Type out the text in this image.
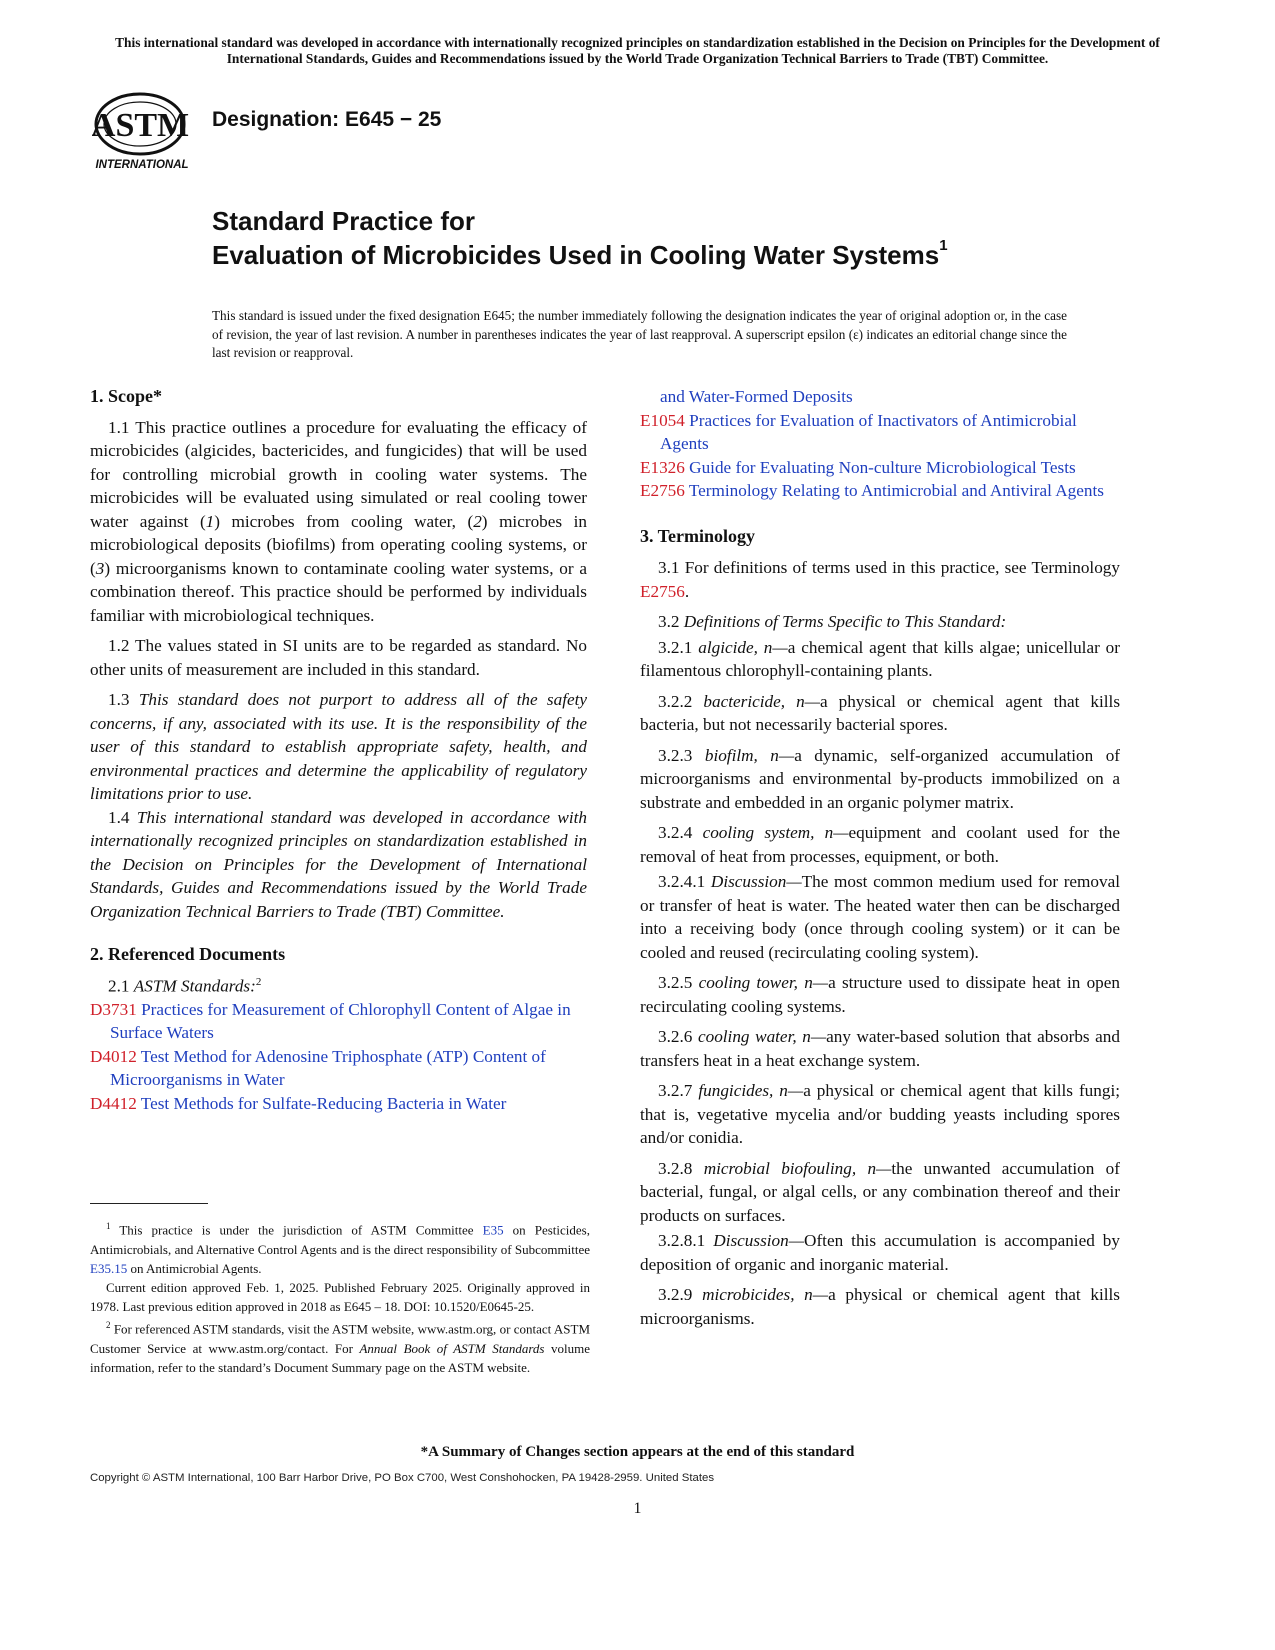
This international standard was developed in accordance with internationally recognized principles on standardization established in the Decision on Principles for the Development of International Standards, Guides and Recommendations issued by the World Trade Organization Technical Barriers to Trade (TBT) Committee.
ASTM
INTERNATIONAL
Designation: E645 − 25
Standard Practice for
Evaluation of Microbicides Used in Cooling Water Systems$^1$
This standard is issued under the fixed designation E645; the number immediately following the designation indicates the year of original adoption or, in the case of revision, the year of last revision. A number in parentheses indicates the year of last reapproval. A superscript epsilon (ε) indicates an editorial change since the last revision or reapproval.
1. Scope*

1.1 This practice outlines a procedure for evaluating the efficacy of microbicides (algicides, bactericides, and fungicides) that will be used for controlling microbial growth in cooling water systems. The microbicides will be evaluated using simulated or real cooling tower water against (1) microbes from cooling water, (2) microbes in microbiological deposits (biofilms) from operating cooling systems, or (3) microorganisms known to contaminate cooling water systems, or a combination thereof. This practice should be performed by individuals familiar with microbiological techniques.

1.2 The values stated in SI units are to be regarded as standard. No other units of measurement are included in this standard.

1.3 This standard does not purport to address all of the safety concerns, if any, associated with its use. It is the responsibility of the user of this standard to establish appropriate safety, health, and environmental practices and determine the applicability of regulatory limitations prior to use.

1.4 This international standard was developed in accordance with internationally recognized principles on standardization established in the Decision on Principles for the Development of International Standards, Guides and Recommendations issued by the World Trade Organization Technical Barriers to Trade (TBT) Committee.

2. Referenced Documents

2.1 ASTM Standards:$^2$

D3731 Practices for Measurement of Chlorophyll Content of Algae in Surface Waters

D4012 Test Method for Adenosine Triphosphate (ATP) Content of Microorganisms in Water

D4412 Test Methods for Sulfate-Reducing Bacteria in Water

$^1$ This practice is under the jurisdiction of ASTM Committee E35 on Pesticides, Antimicrobials, and Alternative Control Agents and is the direct responsibility of Subcommittee E35.15 on Antimicrobial Agents.

Current edition approved Feb. 1, 2025. Published February 2025. Originally approved in 1978. Last previous edition approved in 2018 as E645 – 18. DOI: 10.1520/E0645-25.

$^2$ For referenced ASTM standards, visit the ASTM website, www.astm.org, or contact ASTM Customer Service at www.astm.org/contact. For Annual Book of ASTM Standards volume information, refer to the standard’s Document Summary page on the ASTM website.

and Water-Formed Deposits

E1054 Practices for Evaluation of Inactivators of Antimicrobial Agents

E1326 Guide for Evaluating Non-culture Microbiological Tests

E2756 Terminology Relating to Antimicrobial and Antiviral Agents

3. Terminology

3.1 For definitions of terms used in this practice, see Terminology E2756.

3.2 Definitions of Terms Specific to This Standard:

3.2.1 algicide, n—a chemical agent that kills algae; unicellular or filamentous chlorophyll-containing plants.

3.2.2 bactericide, n—a physical or chemical agent that kills bacteria, but not necessarily bacterial spores.

3.2.3 biofilm, n—a dynamic, self-organized accumulation of microorganisms and environmental by-products immobilized on a substrate and embedded in an organic polymer matrix.

3.2.4 cooling system, n—equipment and coolant used for the removal of heat from processes, equipment, or both.

3.2.4.1 Discussion—The most common medium used for removal or transfer of heat is water. The heated water then can be discharged into a receiving body (once through cooling system) or it can be cooled and reused (recirculating cooling system).

3.2.5 cooling tower, n—a structure used to dissipate heat in open recirculating cooling systems.

3.2.6 cooling water, n—any water-based solution that absorbs and transfers heat in a heat exchange system.

3.2.7 fungicides, n—a physical or chemical agent that kills fungi; that is, vegetative mycelia and/or budding yeasts including spores and/or conidia.

3.2.8 microbial biofouling, n—the unwanted accumulation of bacterial, fungal, or algal cells, or any combination thereof and their products on surfaces.

3.2.8.1 Discussion—Often this accumulation is accompanied by deposition of organic and inorganic material.

3.2.9 microbicides, n—a physical or chemical agent that kills microorganisms.

*A Summary of Changes section appears at the end of this standard
Copyright © ASTM International, 100 Barr Harbor Drive, PO Box C700, West Conshohocken, PA 19428-2959. United States
1
